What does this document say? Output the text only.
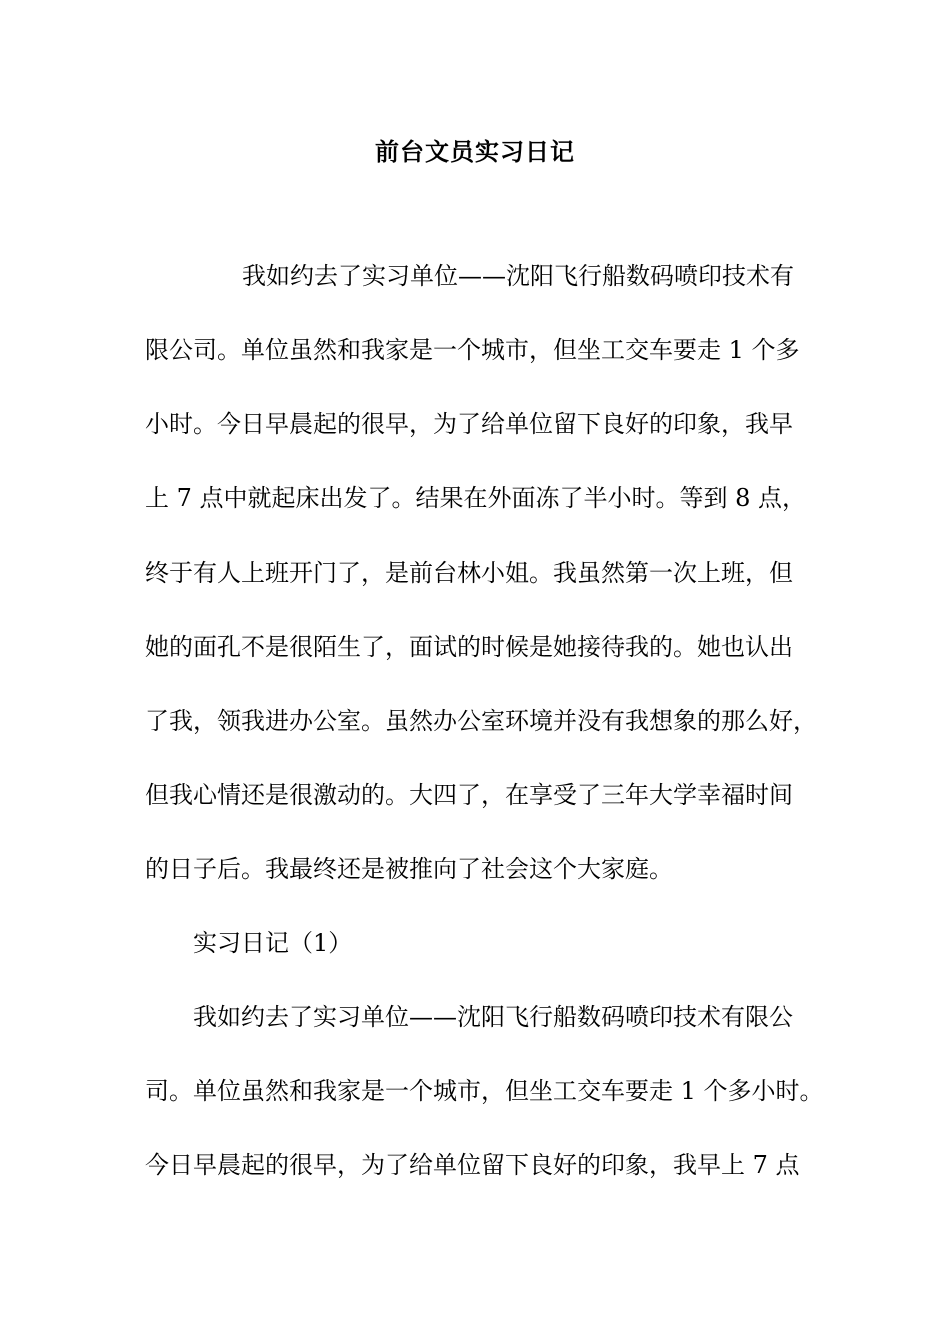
前台文员实习日记
我如约去了实习单位——沈阳飞行船数码喷印技术有
限公司。单位虽然和我家是一个城市，但坐工交车要走 1 个多
小时。今日早晨起的很早，为了给单位留下良好的印象，我早
上 7 点中就起床出发了。结果在外面冻了半小时。等到 8 点，
终于有人上班开门了，是前台林小姐。我虽然第一次上班，但
她的面孔不是很陌生了，面试的时候是她接待我的。她也认出
了我，领我进办公室。虽然办公室环境并没有我想象的那么好，
但我心情还是很激动的。大四了，在享受了三年大学幸福时间
的日子后。我最终还是被推向了社会这个大家庭。
实习日记（1）
我如约去了实习单位——沈阳飞行船数码喷印技术有限公
司。单位虽然和我家是一个城市，但坐工交车要走 1 个多小时。
今日早晨起的很早，为了给单位留下良好的印象，我早上 7 点
